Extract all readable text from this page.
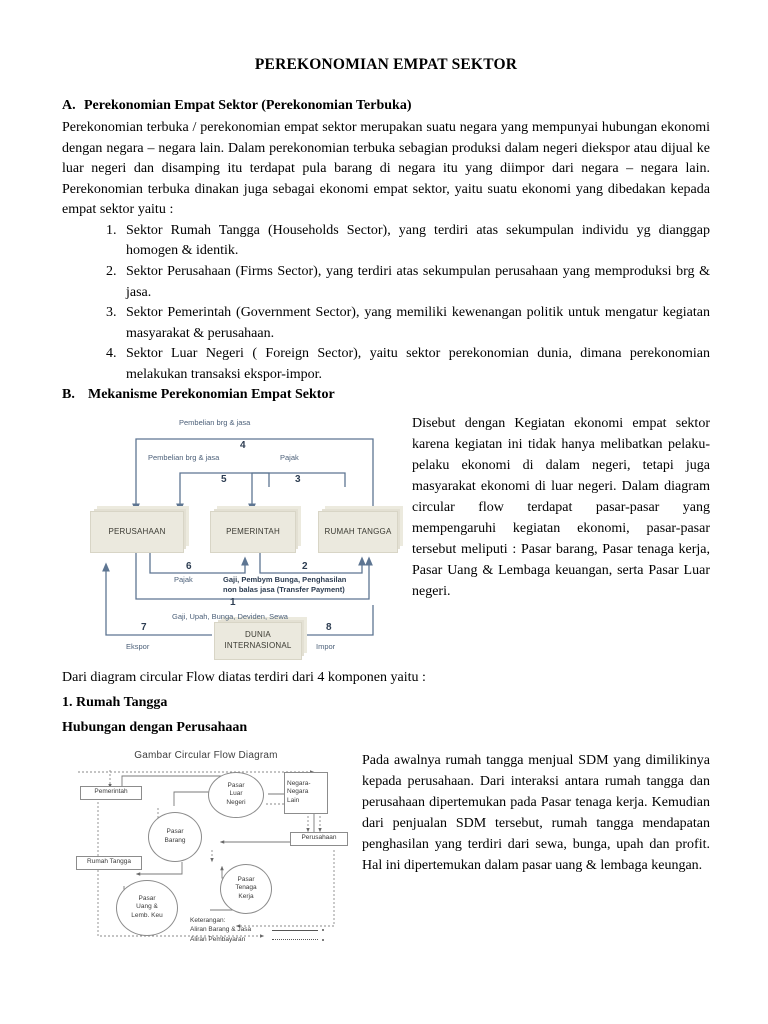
PEREKONOMIAN EMPAT SEKTOR
A. Perekonomian Empat Sektor (Perekonomian Terbuka)

Perekonomian terbuka / perekonomian empat sektor merupakan suatu negara yang mempunyai hubungan ekonomi dengan negara – negara lain. Dalam perekonomian terbuka sebagian produksi dalam negeri diekspor atau dijual ke luar negeri dan disamping itu terdapat pula barang di negara itu yang diimpor dari negara – negara lain. Perekonomian terbuka dinakan juga sebagai ekonomi empat sektor, yaitu suatu ekonomi yang dibedakan kepada empat sektor yaitu :

1. Sektor Rumah Tangga (Households Sector), yang terdiri atas sekumpulan individu yg dianggap homogen & identik.
2. Sektor Perusahaan (Firms Sector), yang terdiri atas sekumpulan perusahaan yang memproduksi brg & jasa.
3. Sektor Pemerintah (Government Sector), yang memiliki kewenangan politik untuk mengatur kegiatan masyarakat & perusahaan.
4. Sektor Luar Negeri ( Foreign Sector), yaitu sektor perekonomian dunia, dimana perekonomian melakukan transaksi ekspor-impor.
B. Mekanisme Perekonomian Empat Sektor
Pembelian brg & jasa
4
Pembelian brg & jasa
5
Pajak
3
PERUSAHAAN	PEMERINTAH	RUMAH TANGGA
6
Pajak
2
Gaji, Pembym Bunga, Penghasilan
non balas jasa (Transfer Payment)
1
Gaji, Upah, Bunga, Deviden, Sewa
7
Ekspor
8
Impor
DUNIA
INTERNASIONAL
Disebut dengan Kegiatan ekonomi empat sektor karena kegiatan ini tidak hanya melibatkan pelaku-pelaku ekonomi di dalam negeri, tetapi juga masyarakat ekonomi di luar negeri. Dalam diagram circular flow terdapat pasar-pasar yang mempengaruhi kegiatan ekonomi, pasar-pasar tersebut meliputi : Pasar barang, Pasar tenaga kerja, Pasar Uang & Lembaga keuangan, serta Pasar Luar negeri.
Dari diagram circular Flow diatas terdiri dari 4 komponen yaitu :
1. Rumah Tangga
Hubungan dengan Perusahaan
Gambar Circular Flow Diagram
Pemerintah
Pasar
Luar
Negeri
Negara-
Negara
Lain
Perusahaan
Pasar
Barang
Rumah Tangga
Pasar
Tenaga
Kerja
Pasar
Uang &
Lemb. Keu
Keterangan:
Aliran Barang & Jasa
Aliran Pembayaran
Pada awalnya rumah tangga menjual SDM yang dimilikinya kepada perusahaan. Dari interaksi antara rumah tangga dan perusahaan dipertemukan pada Pasar tenaga kerja. Kemudian dari penjualan SDM tersebut, rumah tangga mendapatan penghasilan yang terdiri dari sewa, bunga, upah dan profit. Hal ini dipertemukan dalam pasar uang & lembaga keungan.
